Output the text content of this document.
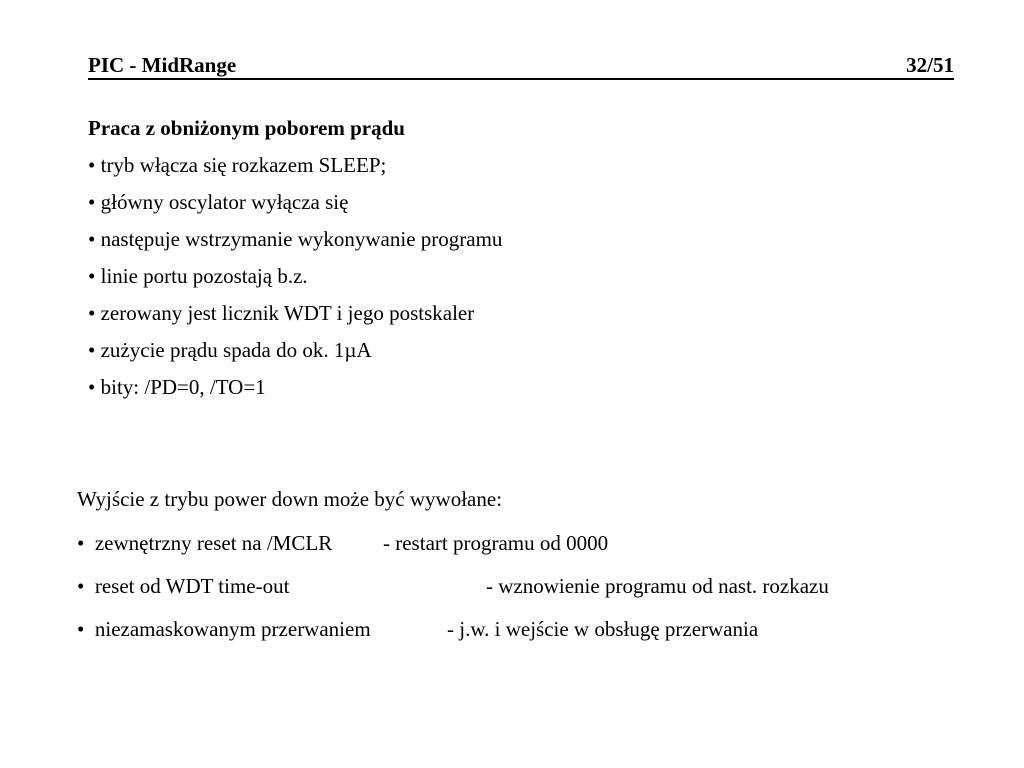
PIC - MidRange	32/51
Praca z obniżonym poborem prądu
• tryb włącza się rozkazem SLEEP;
• główny oscylator wyłącza się
• następuje wstrzymanie wykonywanie programu
• linie portu pozostają b.z.
• zerowany jest licznik WDT i jego postskaler
• zużycie prądu spada do ok. 1µA
• bity: /PD=0, /TO=1
Wyjście z trybu power down może być wywołane:
• zewnętrzny reset na /MCLR - restart programu od 0000
• reset od WDT time-out	- wznowienie programu od nast. rozkazu
• niezamaskowanym przerwaniem	- j.w. i wejście w obsługę przerwania
